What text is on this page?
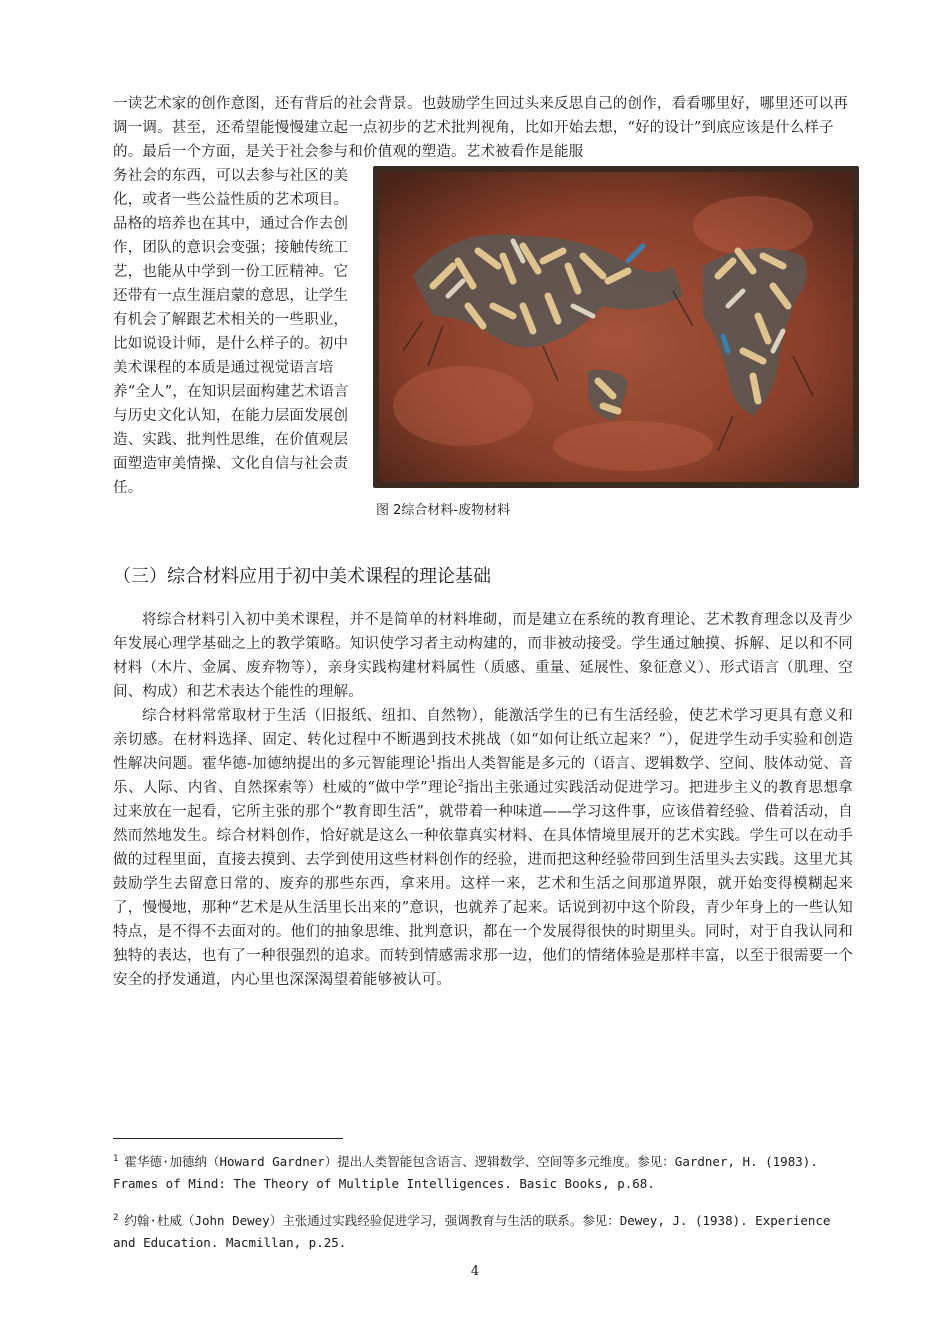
一读艺术家的创作意图，还有背后的社会背景。也鼓励学生回过头来反思自己的创作，看看哪里好，哪里还可以再调一调。甚至，还希望能慢慢建立起一点初步的艺术批判视角，比如开始去想，“好的设计”到底应该是什么样子的。最后一个方面，是关于社会参与和价值观的塑造。艺术被看作是能服

务社会的东西，可以去参与社区的美化，或者一些公益性质的艺术项目。品格的培养也在其中，通过合作去创作，团队的意识会变强；接触传统工艺，也能从中学到一份工匠精神。它还带有一点生涯启蒙的意思，让学生有机会了解跟艺术相关的一些职业，比如说设计师，是什么样子的。初中美术课程的本质是通过视觉语言培养“全人”，在知识层面构建艺术语言与历史文化认知，在能力层面发展创造、实践、批判性思维，在价值观层面塑造审美情操、文化自信与社会责任。

图 2综合材料-废物材料
（三）综合材料应用于初中美术课程的理论基础

将综合材料引入初中美术课程，并不是简单的材料堆砌，而是建立在系统的教育理论、艺术教育理念以及青少年发展心理学基础之上的教学策略。知识使学习者主动构建的，而非被动接受。学生通过触摸、拆解、足以和不同材料（木片、金属、废弃物等），亲身实践构建材料属性（质感、重量、延展性、象征意义）、形式语言（肌理、空间、构成）和艺术表达个能性的理解。

综合材料常常取材于生活（旧报纸、纽扣、自然物），能激活学生的已有生活经验，使艺术学习更具有意义和亲切感。在材料选择、固定、转化过程中不断遇到技术挑战（如“如何让纸立起来？”），促进学生动手实验和创造性解决问题。霍华德-加德纳提出的多元智能理论$^1$指出人类智能是多元的（语言、逻辑数学、空间、肢体动觉、音乐、人际、内省、自然探索等）杜威的“做中学”理论$^2$指出主张通过实践活动促进学习。把进步主义的教育思想拿过来放在一起看，它所主张的那个“教育即生活”，就带着一种味道——学习这件事，应该借着经验、借着活动，自然而然地发生。综合材料创作，恰好就是这么一种依靠真实材料、在具体情境里展开的艺术实践。学生可以在动手做的过程里面，直接去摸到、去学到使用这些材料创作的经验，进而把这种经验带回到生活里头去实践。这里尤其鼓励学生去留意日常的、废弃的那些东西，拿来用。这样一来，艺术和生活之间那道界限，就开始变得模糊起来了，慢慢地，那种“艺术是从生活里长出来的”意识，也就养了起来。话说到初中这个阶段，青少年身上的一些认知特点，是不得不去面对的。他们的抽象思维、批判意识，都在一个发展得很快的时期里头。同时，对于自我认同和独特的表达，也有了一种很强烈的追求。而转到情感需求那一边，他们的情绪体验是那样丰富，以至于很需要一个安全的抒发通道，内心里也深深渴望着能够被认可。

$^1$ 霍华德·加德纳（Howard Gardner）提出人类智能包含语言、逻辑数学、空间等多元维度。参见：Gardner, H. (1983). Frames of Mind: The Theory of Multiple Intelligences. Basic Books, p.68.

$^2$ 约翰·杜威（John Dewey）主张通过实践经验促进学习，强调教育与生活的联系。参见：Dewey, J. (1938). Experience and Education. Macmillan, p.25.

4
